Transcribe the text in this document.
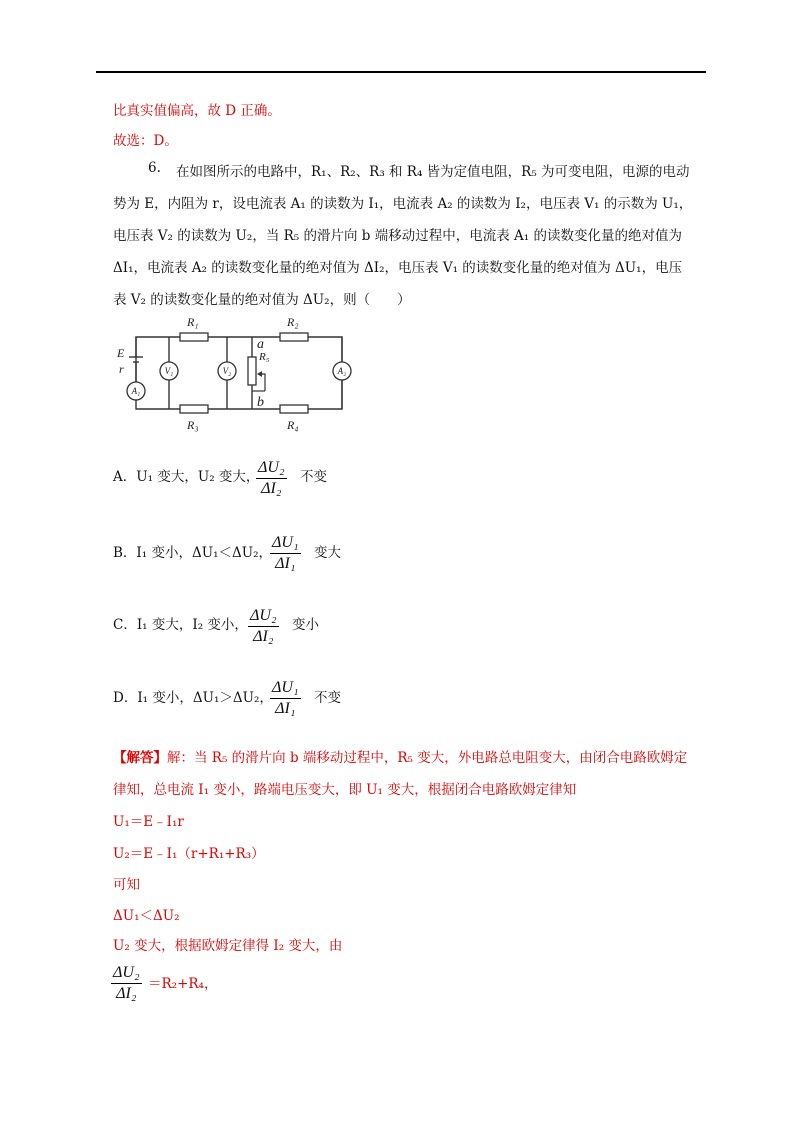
比真实值偏高，故 D 正确。
故选：D。
6. 在如图所示的电路中，R₁、R₂、R₃ 和 R₄ 皆为定值电阻，R₅ 为可变电阻，电源的电动
势为 E，内阻为 r，设电流表 A₁ 的读数为 I₁，电流表 A₂ 的读数为 I₂，电压表 V₁ 的示数为 U₁，
电压表 V₂ 的读数为 U₂，当 R₅ 的滑片向 b 端移动过程中，电流表 A₁ 的读数变化量的绝对值为
ΔI₁，电流表 A₂ 的读数变化量的绝对值为 ΔI₂，电压表 V₁ 的读数变化量的绝对值为 ΔU₁，电压
表 V₂ 的读数变化量的绝对值为 ΔU₂，则（　　）
R₁	R₂
R₃	R₄
R₅
a
b
E
r
A₁
V₁	V₂	A₂
A．U₁ 变大，U₂ 变大，
$\frac{\text{ΔU₂}}{\text{ΔI₂}}$ 不变
B．I₁ 变小，ΔU₁＜ΔU₂，
$\frac{\text{ΔU₁}}{\text{ΔI₁}}$ 变大
C．I₁ 变大，I₂ 变小， $\frac{\text{ΔU₂}}{\text{ΔI₂}}$ 变小
D．I₁ 变小，ΔU₁＞ΔU₂，
$\frac{\text{ΔU₁}}{\text{ΔI₁}}$ 不变
【解答】解：当 R₅ 的滑片向 b 端移动过程中，R₅ 变大，外电路总电阻变大，由闭合电路欧姆定
律知，总电流 I₁ 变小，路端电压变大，即 U₁ 变大，根据闭合电路欧姆定律知
U₁＝E﹣I₁r
U₂＝E﹣I₁（r+R₁+R₃）
可知
ΔU₁＜ΔU₂
U₂ 变大，根据欧姆定律得 I₂ 变大，由
$\frac{\text{ΔU₂}}{\text{ΔI₂}} =R_2+R_4$，
